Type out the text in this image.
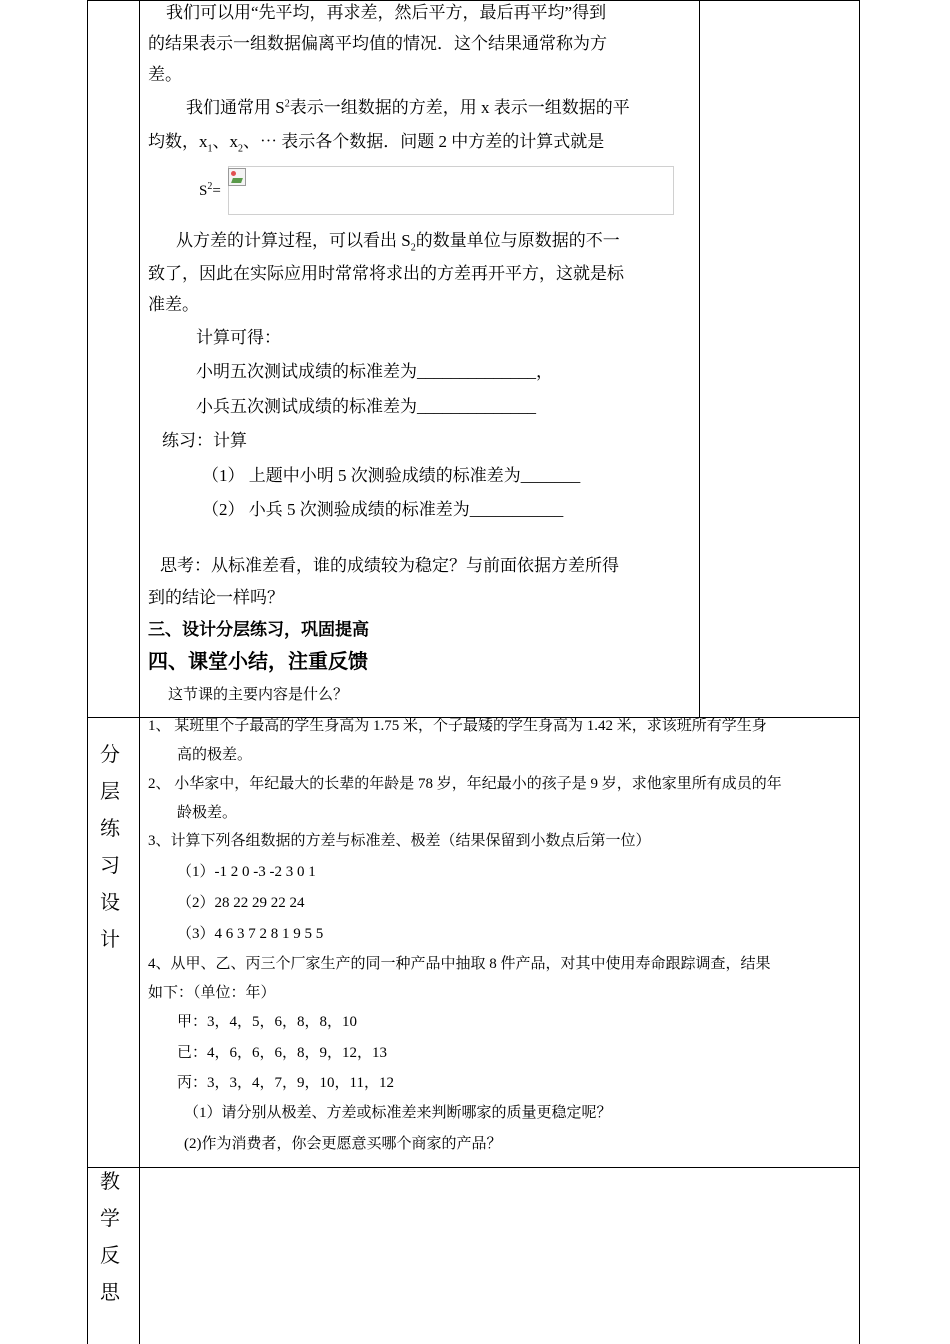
我们可以用“先平均，再求差，然后平方，最后再平均”得到
的结果表示一组数据偏离平均值的情况．这个结果通常称为方
差。
我们通常用 $S^2$表示一组数据的方差，用 x 表示一组数据的平
均数，$x_1$、$x_2$、⋯ 表示各个数据．问题 2 中方差的计算式就是
$S^2=$
从方差的计算过程，可以看出 $S_2$的数量单位与原数据的不一
致了，因此在实际应用时常常将求出的方差再开平方，这就是标
准差。
计算可得：
小明五次测试成绩的标准差为______________，
小兵五次测试成绩的标准差为______________
练习：计算
（1） 上题中小明 5 次测验成绩的标准差为_______
（2） 小兵 5 次测验成绩的标准差为___________
思考：从标准差看，谁的成绩较为稳定？与前面依据方差所得
到的结论一样吗？
三、设计分层练习，巩固提高
四、课堂小结，注重反馈
这节课的主要内容是什么？
分
层
练
习
设
计
1、 某班里个子最高的学生身高为 1.75 米，个子最矮的学生身高为 1.42 米，求该班所有学生身
高的极差。
2、 小华家中，年纪最大的长辈的年龄是 78 岁，年纪最小的孩子是 9 岁，求他家里所有成员的年
龄极差。
3、计算下列各组数据的方差与标准差、极差（结果保留到小数点后第一位）
（1）-1 2 0 -3 -2 3 0 1
（2）28 22 29 22 24
（3）4 6 3 7 2 8 1 9 5 5
4、从甲、乙、丙三个厂家生产的同一种产品中抽取 8 件产品，对其中使用寿命跟踪调查，结果
如下：（单位：年）
甲：3，4，5，6，8，8，10
已：4，6，6，6，8，9，12，13
丙：3，3，4，7，9，10，11，12
（1）请分别从极差、方差或标准差来判断哪家的质量更稳定呢？
(2)作为消费者，你会更愿意买哪个商家的产品？
教
学
反
思
